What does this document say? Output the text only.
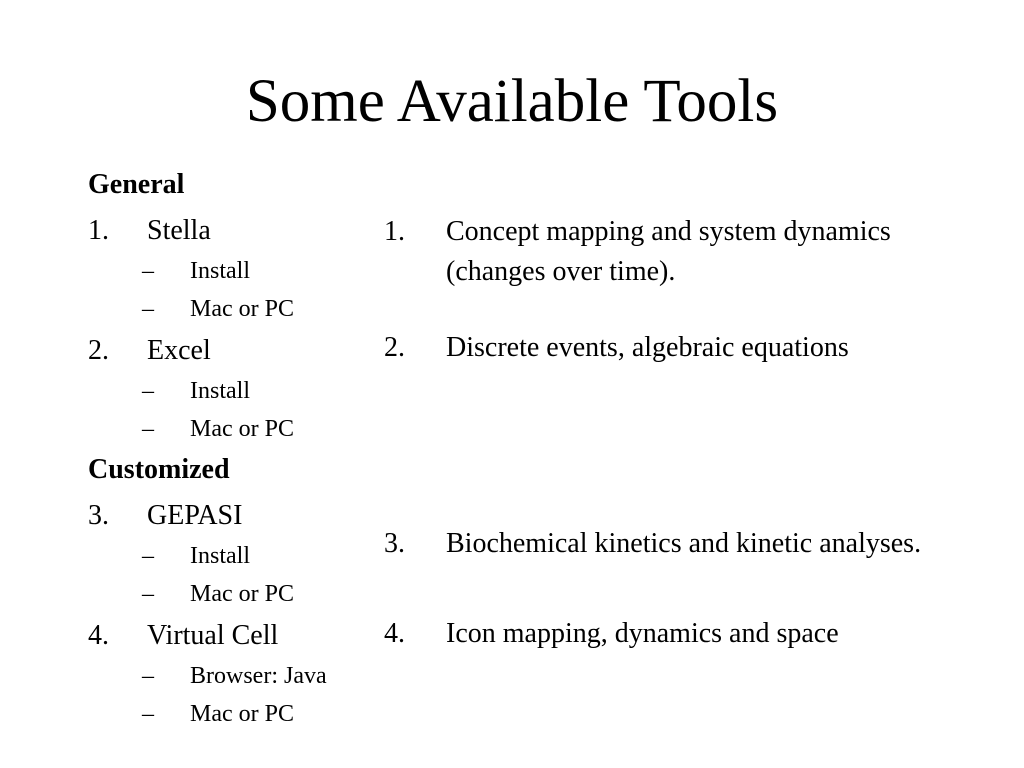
Some Available Tools
General
1. Stella
– Install
– Mac or PC
2. Excel
– Install
– Mac or PC
Customized
3. GEPASI
– Install
– Mac or PC
4. Virtual Cell
– Browser: Java
– Mac or PC
1. Concept mapping and system dynamics (changes over time).
2. Discrete events, algebraic equations
3. Biochemical kinetics and kinetic analyses.
4. Icon mapping, dynamics and space
